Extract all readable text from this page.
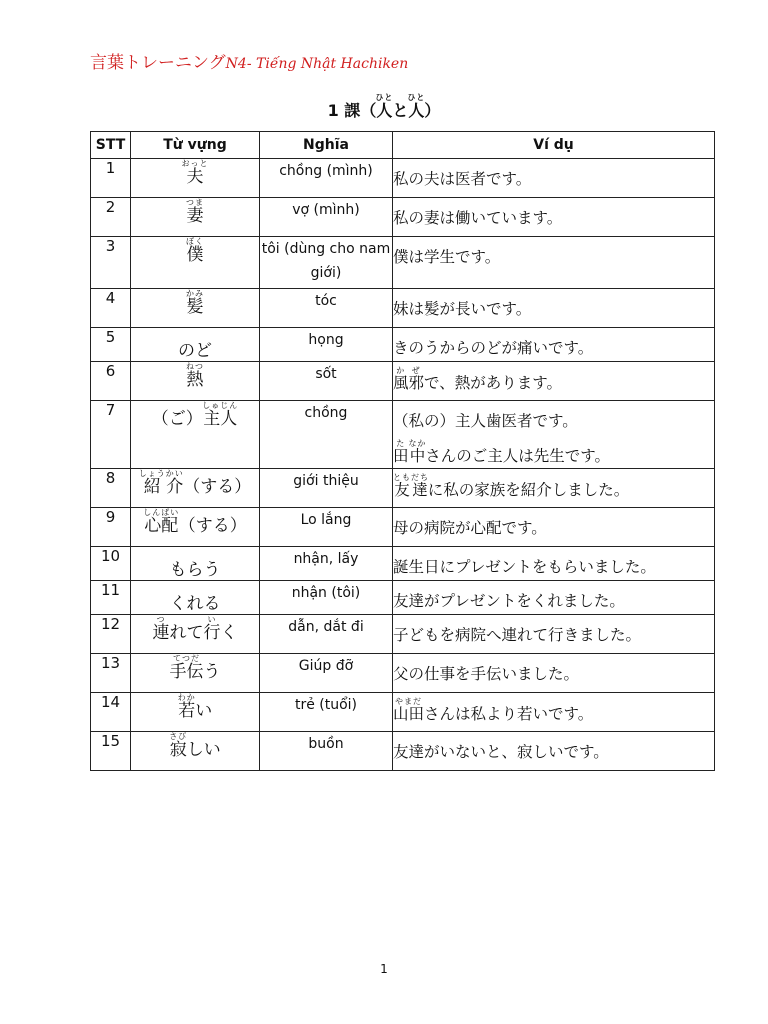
言葉トレーニングN4- Tiếng Nhật Hachiken
1 課（人ひとと人ひと）
STT	Từ vựng	Nghĩa	Ví dụ
1	夫おっと	chồng (mình)	私の夫は医者です。

2	妻つま	vợ (mình)	私の妻は働いています。

3	僕ぼく	tôi (dùng cho nam giới)	僕は学生です。

4	髪かみ	tóc	妹は髪が長いです。

5	のど	họng	きのうからのどが痛いです。

6	熱ねつ	sốt	風か邪ぜで、熱があります。

7	（ご）主人しゅじん	chồng	（私の）主人歯医者です。
田た中なかさんのご主人は先生です。

8	紹しょう介かい（する）	giới thiệu	友とも達だちに私の家族を紹介しました。

9	心配しんぱい（する）	Lo lắng	母の病院が心配です。

10	もらう	nhận, lấy	誕生日にプレゼントをもらいました。

11	くれる	nhận (tôi)	友達がプレゼントをくれました。

12	連つれて行いく	dẫn, dắt đi	子どもを病院へ連れて行きました。

13	手伝てつだう	Giúp đỡ	父の仕事を手伝いました。

14	若わかい	trẻ (tuổi)	山田やまださんは私より若いです。

15	寂さびしい	buồn	友達がいないと、寂しいです。
1
